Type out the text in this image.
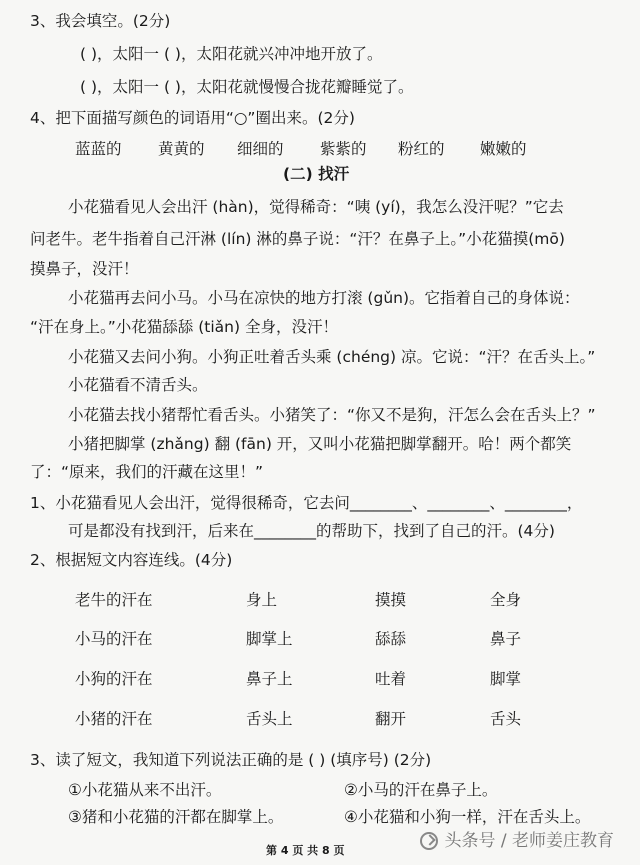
3、我会填空。(2分)
( )，太阳一 ( )，太阳花就兴冲冲地开放了。
( )，太阳一 ( )，太阳花就慢慢合拢花瓣睡觉了。
4、把下面描写颜色的词语用“○”圈出来。(2分)
蓝蓝的 黄黄的 细细的 紫紫的 粉红的 嫩嫩的
(二) 找汗
小花猫看见人会出汗 (hàn)，觉得稀奇：“咦 (yí)，我怎么没汗呢？”它去
问老牛。老牛指着自己汗淋 (lín) 淋的鼻子说：“汗？在鼻子上。”小花猫摸(mō)
摸鼻子，没汗！
小花猫再去问小马。小马在凉快的地方打滚 (gǔn)。它指着自己的身体说：
“汗在身上。”小花猫舔舔 (tiǎn) 全身，没汗！
小花猫又去问小狗。小狗正吐着舌头乘 (chéng) 凉。它说：“汗？在舌头上。”
小花猫看不清舌头。
小花猫去找小猪帮忙看舌头。小猪笑了：“你又不是狗，汗怎么会在舌头上？”
小猪把脚掌 (zhǎng) 翻 (fān) 开，又叫小花猫把脚掌翻开。哈！两个都笑
了：“原来，我们的汗藏在这里！”
1、小花猫看见人会出汗，觉得很稀奇，它去问________、________、________，
可是都没有找到汗，后来在________的帮助下，找到了自己的汗。(4分)
2、根据短文内容连线。(4分)
老牛的汗在	身上	摸摸	全身
小马的汗在	脚掌上	舔舔	鼻子
小狗的汗在	鼻子上	吐着	脚掌
小猪的汗在	舌头上	翻开	舌头
3、读了短文，我知道下列说法正确的是 ( ) (填序号) (2分)
①小花猫从来不出汗。	②小马的汗在鼻子上。
③猪和小花猫的汗都在脚掌上。	④小花猫和小狗一样，汗在舌头上。
第 4 页 共 8 页	头条号 / 老师姜庄教育
